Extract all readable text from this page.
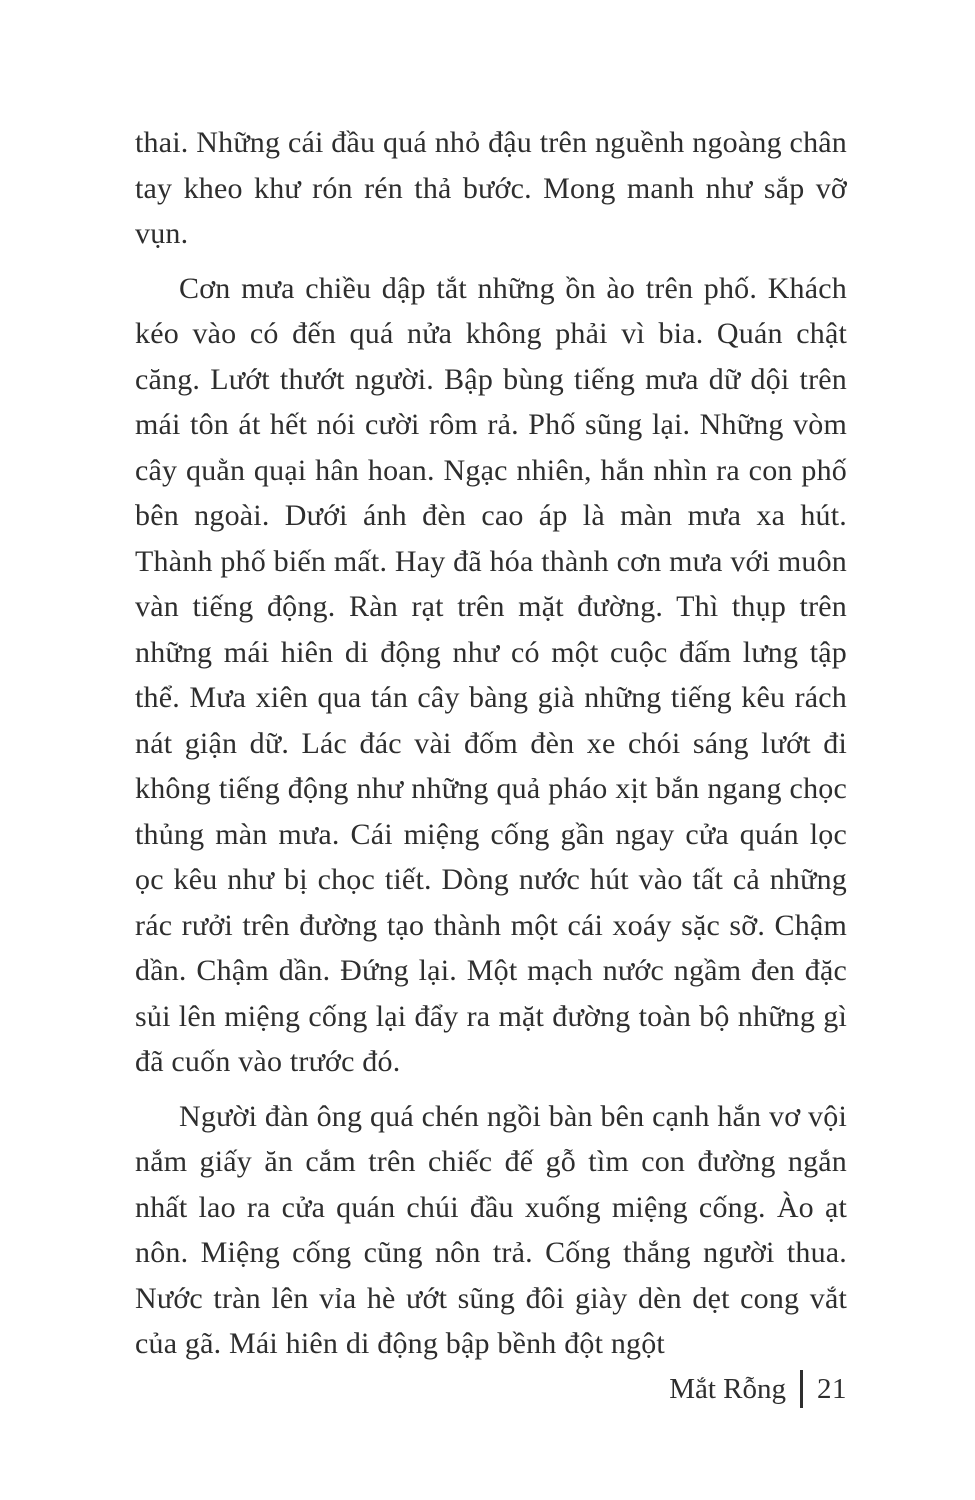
thai. Những cái đầu quá nhỏ đậu trên nguềnh ngoàng chân tay kheo khư rón rén thả bước. Mong manh như sắp vỡ vụn.

Cơn mưa chiều dập tắt những ồn ào trên phố. Khách kéo vào có đến quá nửa không phải vì bia. Quán chật căng. Lướt thướt người. Bập bùng tiếng mưa dữ dội trên mái tôn át hết nói cười rôm rả. Phố sũng lại. Những vòm cây quằn quại hân hoan. Ngạc nhiên, hắn nhìn ra con phố bên ngoài. Dưới ánh đèn cao áp là màn mưa xa hút. Thành phố biến mất. Hay đã hóa thành cơn mưa với muôn vàn tiếng động. Ràn rạt trên mặt đường. Thì thụp trên những mái hiên di động như có một cuộc đấm lưng tập thể. Mưa xiên qua tán cây bàng già những tiếng kêu rách nát giận dữ. Lác đác vài đốm đèn xe chói sáng lướt đi không tiếng động như những quả pháo xịt bắn ngang chọc thủng màn mưa. Cái miệng cống gần ngay cửa quán lọc ọc kêu như bị chọc tiết. Dòng nước hút vào tất cả những rác rưởi trên đường tạo thành một cái xoáy sặc sỡ. Chậm dần. Chậm dần. Đứng lại. Một mạch nước ngầm đen đặc sủi lên miệng cống lại đẩy ra mặt đường toàn bộ những gì đã cuốn vào trước đó.

Người đàn ông quá chén ngồi bàn bên cạnh hắn vơ vội nắm giấy ăn cắm trên chiếc đế gỗ tìm con đường ngắn nhất lao ra cửa quán chúi đầu xuống miệng cống. Ào ạt nôn. Miệng cống cũng nôn trả. Cống thắng người thua. Nước tràn lên vỉa hè ướt sũng đôi giày dèn dẹt cong vắt của gã. Mái hiên di động bập bềnh đột ngột

Mắt Rỗng 21
